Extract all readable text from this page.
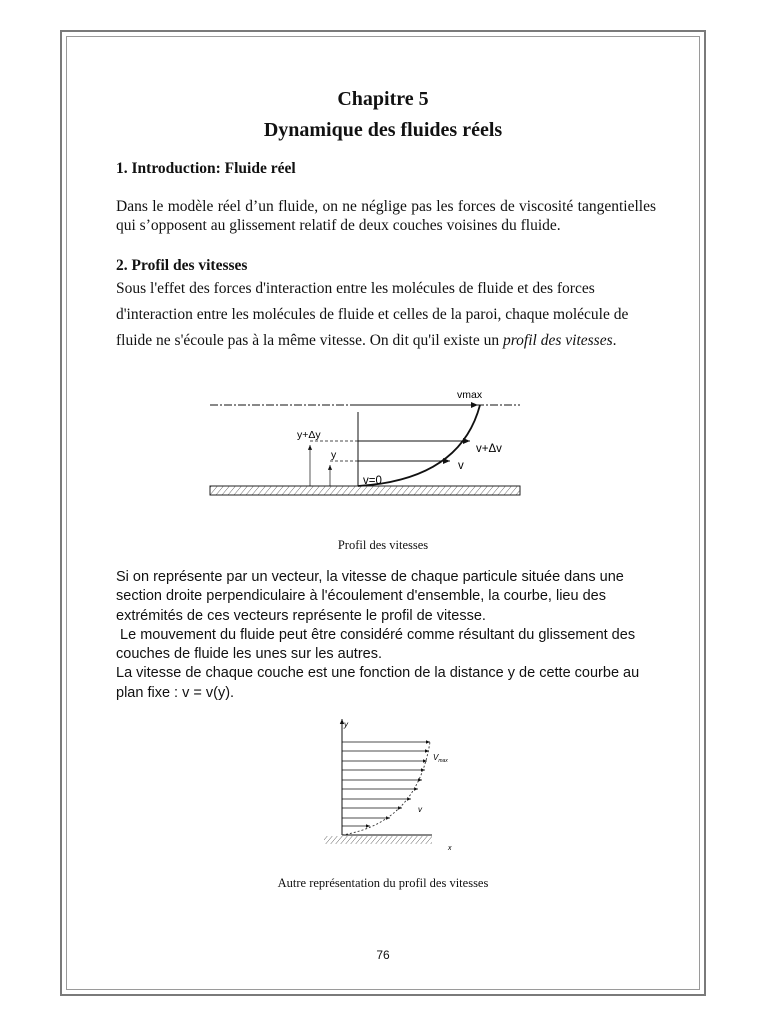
Chapitre 5
Dynamique des fluides réels
1. Introduction: Fluide réel
Dans le modèle réel d’un fluide, on ne néglige pas les forces de viscosité tangentielles qui s’opposent au glissement relatif de deux couches voisines du fluide.
2. Profil des vitesses
Sous l'effet des forces d'interaction entre les molécules de fluide et des forces d'interaction entre les molécules de fluide et celles de la paroi, chaque molécule de fluide ne s'écoule pas à la même vitesse. On dit qu'il existe un profil des vitesses.
vmax
y+Δy
y	v+Δv
v
v=0
Profil des vitesses
Si on représente par un vecteur, la vitesse de chaque particule située dans une section droite perpendiculaire à l'écoulement d'ensemble, la courbe, lieu des extrémités de ces vecteurs représente le profil de vitesse.
Le mouvement du fluide peut être considéré comme résultant du glissement des couches de fluide les unes sur les autres.
La vitesse de chaque couche est une fonction de la distance y de cette courbe au plan fixe : v = v(y).
y
x
$V_{max}$
v
Autre représentation du profil des vitesses
76
